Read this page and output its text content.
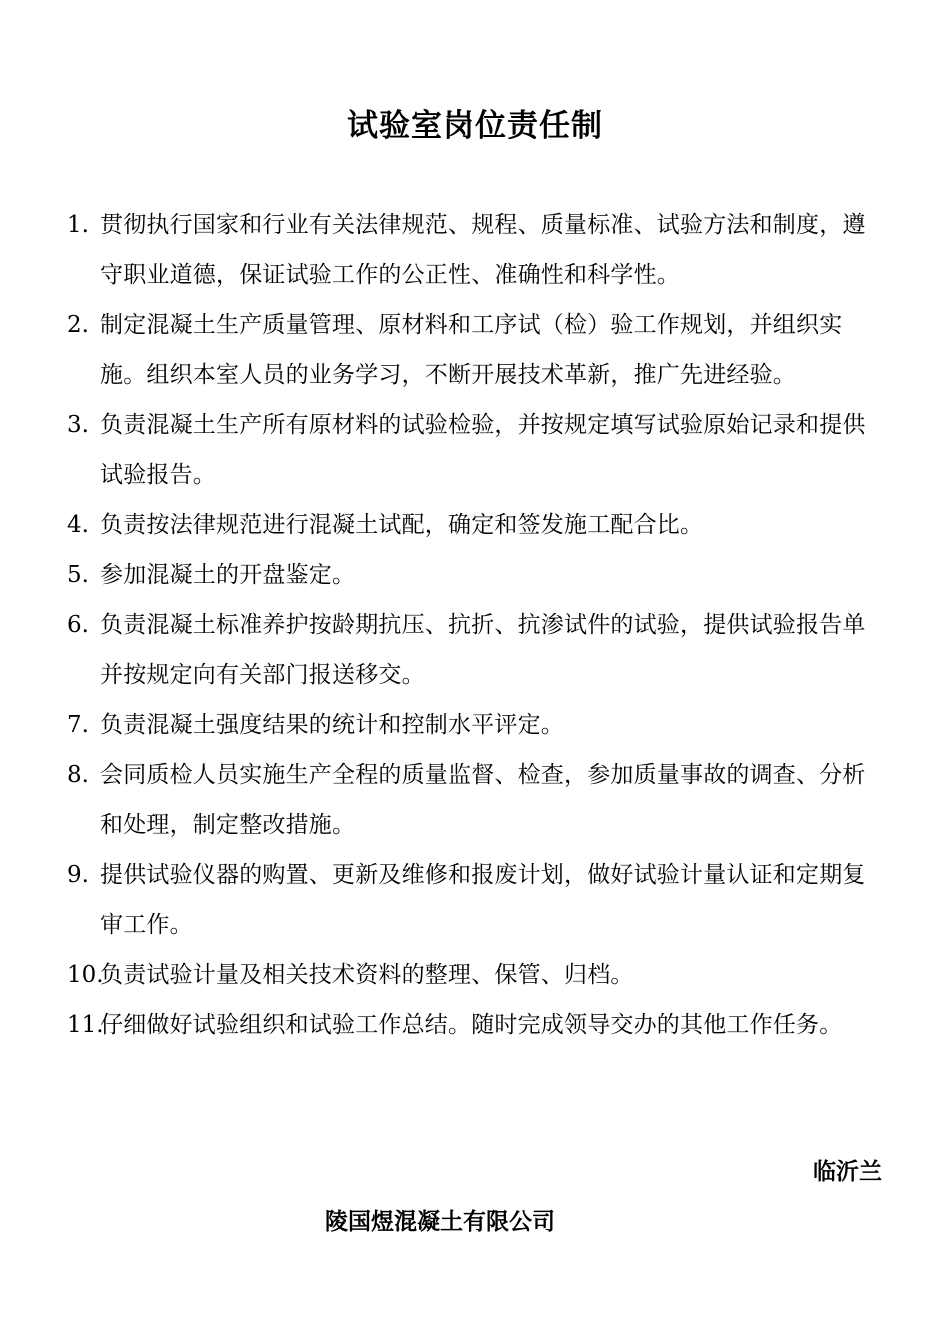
试验室岗位责任制
1. 贯彻执行国家和行业有关法律规范、规程、质量标准、试验方法和制度，遵守职业道德，保证试验工作的公正性、准确性和科学性。
2. 制定混凝土生产质量管理、原材料和工序试（检）验工作规划，并组织实施。组织本室人员的业务学习，不断开展技术革新，推广先进经验。
3. 负责混凝土生产所有原材料的试验检验，并按规定填写试验原始记录和提供试验报告。
4. 负责按法律规范进行混凝土试配，确定和签发施工配合比。
5. 参加混凝土的开盘鉴定。
6. 负责混凝土标准养护按龄期抗压、抗折、抗渗试件的试验，提供试验报告单并按规定向有关部门报送移交。
7. 负责混凝土强度结果的统计和控制水平评定。
8. 会同质检人员实施生产全程的质量监督、检查，参加质量事故的调查、分析和处理，制定整改措施。
9. 提供试验仪器的购置、更新及维修和报废计划，做好试验计量认证和定期复审工作。
10.
负责试验计量及相关技术资料的整理、保管、归档。
11.
仔细做好试验组织和试验工作总结。随时完成领导交办的其他工作任务。
临沂兰
陵国煜混凝土有限公司
